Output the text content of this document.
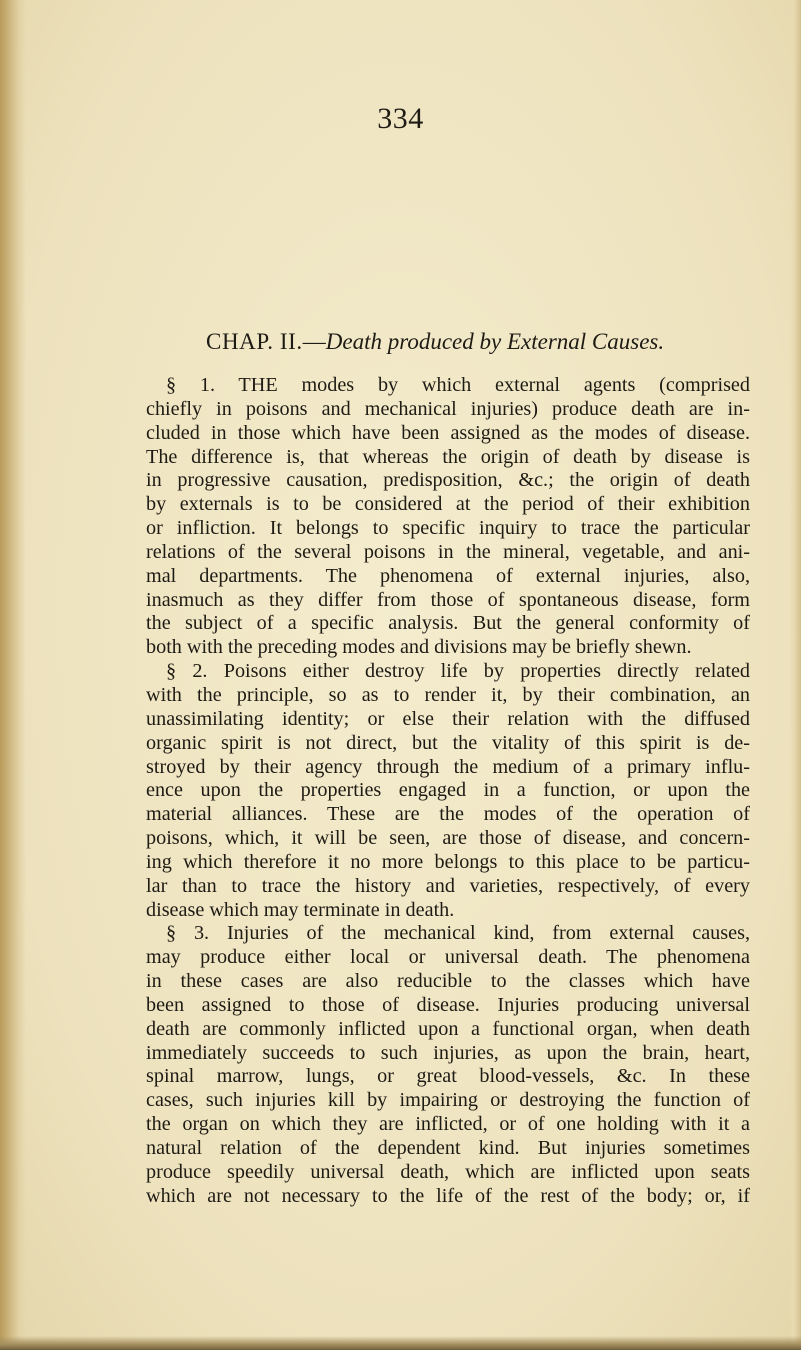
334
CHAP. II.—Death produced by External Causes.
§ 1. THE modes by which external agents (comprised
chiefly in poisons and mechanical injuries) produce death are in-
cluded in those which have been assigned as the modes of disease.
The difference is, that whereas the origin of death by disease is
in progressive causation, predisposition, &c.; the origin of death
by externals is to be considered at the period of their exhibition
or infliction. It belongs to specific inquiry to trace the particular
relations of the several poisons in the mineral, vegetable, and ani-
mal departments. The phenomena of external injuries, also,
inasmuch as they differ from those of spontaneous disease, form
the subject of a specific analysis. But the general conformity of
both with the preceding modes and divisions may be briefly shewn.
§ 2. Poisons either destroy life by properties directly related
with the principle, so as to render it, by their combination, an
unassimilating identity; or else their relation with the diffused
organic spirit is not direct, but the vitality of this spirit is de-
stroyed by their agency through the medium of a primary influ-
ence upon the properties engaged in a function, or upon the
material alliances. These are the modes of the operation of
poisons, which, it will be seen, are those of disease, and concern-
ing which therefore it no more belongs to this place to be particu-
lar than to trace the history and varieties, respectively, of every
disease which may terminate in death.
§ 3. Injuries of the mechanical kind, from external causes,
may produce either local or universal death. The phenomena
in these cases are also reducible to the classes which have
been assigned to those of disease. Injuries producing universal
death are commonly inflicted upon a functional organ, when death
immediately succeeds to such injuries, as upon the brain, heart,
spinal marrow, lungs, or great blood-vessels, &c. In these
cases, such injuries kill by impairing or destroying the function of
the organ on which they are inflicted, or of one holding with it a
natural relation of the dependent kind. But injuries sometimes
produce speedily universal death, which are inflicted upon seats
which are not necessary to the life of the rest of the body; or, if
